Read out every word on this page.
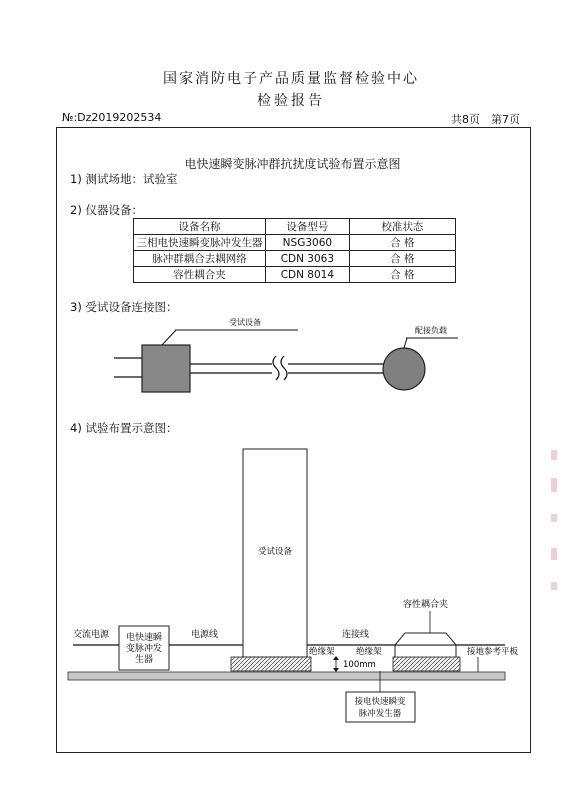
国家消防电子产品质量监督检验中心
检验报告
№:Dz2019202534	共8页　第7页
电快速瞬变脉冲群抗扰度试验布置示意图
1) 测试场地：试验室
2) 仪器设备：
设备名称	设备型号	校准状态
三相电快速瞬变脉冲发生器	NSG3060	合 格
脉冲群耦合去耦网络	CDN 3063	合 格
容性耦合夹	CDN 8014	合 格
3) 受试设备连接图：
受试设备
配接负载
4) 试验布置示意图：
电快速瞬
变脉冲发
生器
交流电源	电源线
受试设备
连接线
容性耦合夹
绝缘架	绝缘架
100mm
接地参考平板
接电快速瞬变
脉冲发生器
